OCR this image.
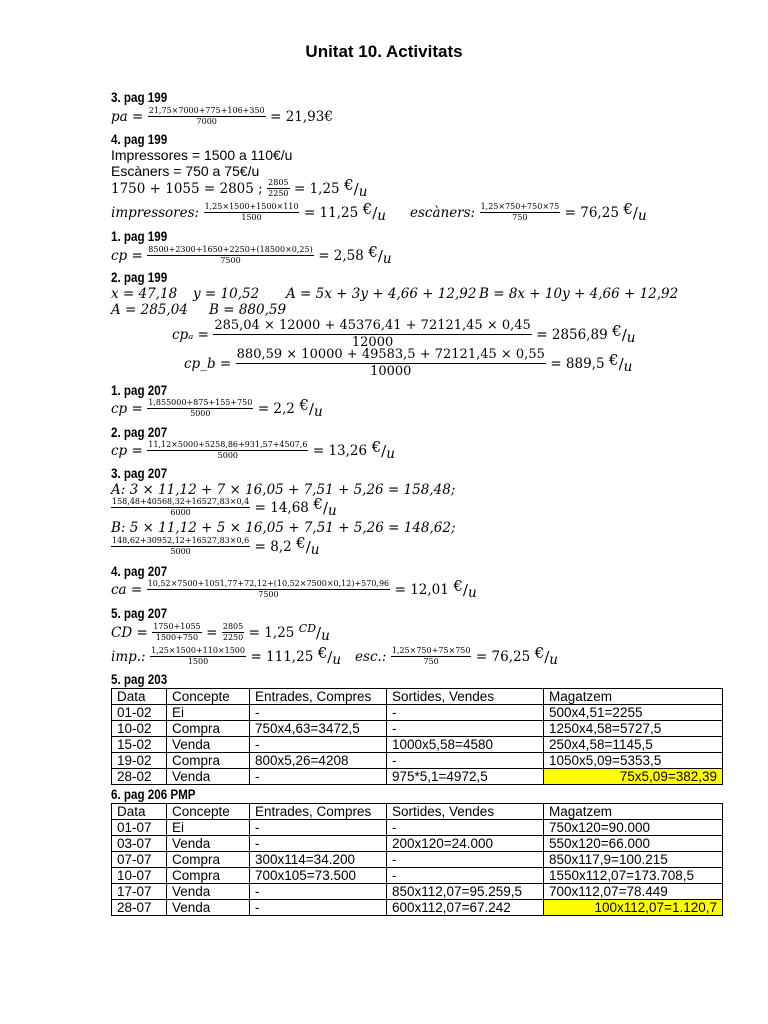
Unitat 10. Activitats
3. pag 199
pa =
$\frac{21,75\times 7000+775+106+350}{7000}$
= 21,93€
4. pag 199
Impressores = 1500 a 110€/u
Escàners = 750 a 75€/u
1750 + 1055 = 2805 ;
$\frac{2805}{2250}$
= 1,25
€ / u
impressores:
$\frac{1,25\times 1500+1500\times 110}{1500}$
= 11,25
€ / u escàners:
$\frac{1,25\times 750+750\times 75}{750}$
= 76,25
€ / u
1. pag 199
cp =
$\frac{8500+2300+1650+2250+(18500\times 0,25)}{7500}$
= 2,58
€ / u
2. pag 199
x = 47,18 y = 10,52 A = 5x + 3y + 4,66 + 12,92 B = 8x + 10y + 4,66 + 12,92
A = 285,04 B = 880,59
cpₐ =
$\frac{285,04 \times 12000 + 45376,41 + 72121,45 \times 0,45}{12000}$
= 2856,89
€ / u
cp_b =
$\frac{880,59 \times 10000 + 49583,5 + 72121,45 \times 0,55}{10000}$
= 889,5
€ / u
1. pag 207
cp =
$\frac{1,855000+875+155+750}{5000}$
= 2,2
€ / u
2. pag 207
cp =
$\frac{11,12\times 5000+5258,86+931,57+4507,6}{5000}$
= 13,26
€ / u
3. pag 207
A: 3 × 11,12 + 7 × 16,05 + 7,51 + 5,26 = 158,48;
$\frac{158,48+40568,32+16527,83\times 0,4}{6000}$
= 14,68
€ / u
B: 5 × 11,12 + 5 × 16,05 + 7,51 + 5,26 = 148,62;
$\frac{148,62+30952,12+16527,83\times 0,6}{5000}$
= 8,2
€ / u
4. pag 207
ca =
$\frac{10,52\times 7500+1051,77+72,12+(10,52\times 7500\times 0,12)+570,96}{7500}$
= 12,01
€ / u
5. pag 207
CD =
$\frac{1750+1055}{1500+750}$
=
$\frac{2805}{2250}$
= 1,25
CD / u
imp.:
$\frac{1,25\times 1500+110\times 1500}{1500}$
= 111,25
€ / u esc.:
$\frac{1,25\times 750+75\times 750}{750}$
= 76,25
€ / u
5. pag 203
Data	Concepte	Entrades, Compres	Sortides, Vendes	Magatzem
01-02	Ei	-	-	500x4,51=2255
10-02	Compra	750x4,63=3472,5	-	1250x4,58=5727,5
15-02	Venda	-	1000x5,58=4580	250x4,58=1145,5
19-02	Compra	800x5,26=4208	-	1050x5,09=5353,5
28-02	Venda	-	975*5,1=4972,5	75x5,09=382,39
6. pag 206 PMP
Data	Concepte	Entrades, Compres	Sortides, Vendes	Magatzem
01-07	Ei	-	-	750x120=90.000
03-07	Venda	-	200x120=24.000	550x120=66.000
07-07	Compra	300x114=34.200	-	850x117,9=100.215
10-07	Compra	700x105=73.500	-	1550x112,07=173.708,5
17-07	Venda	-	850x112,07=95.259,5	700x112,07=78.449
28-07	Venda	-	600x112,07=67.242	100x112,07=1.120,7
